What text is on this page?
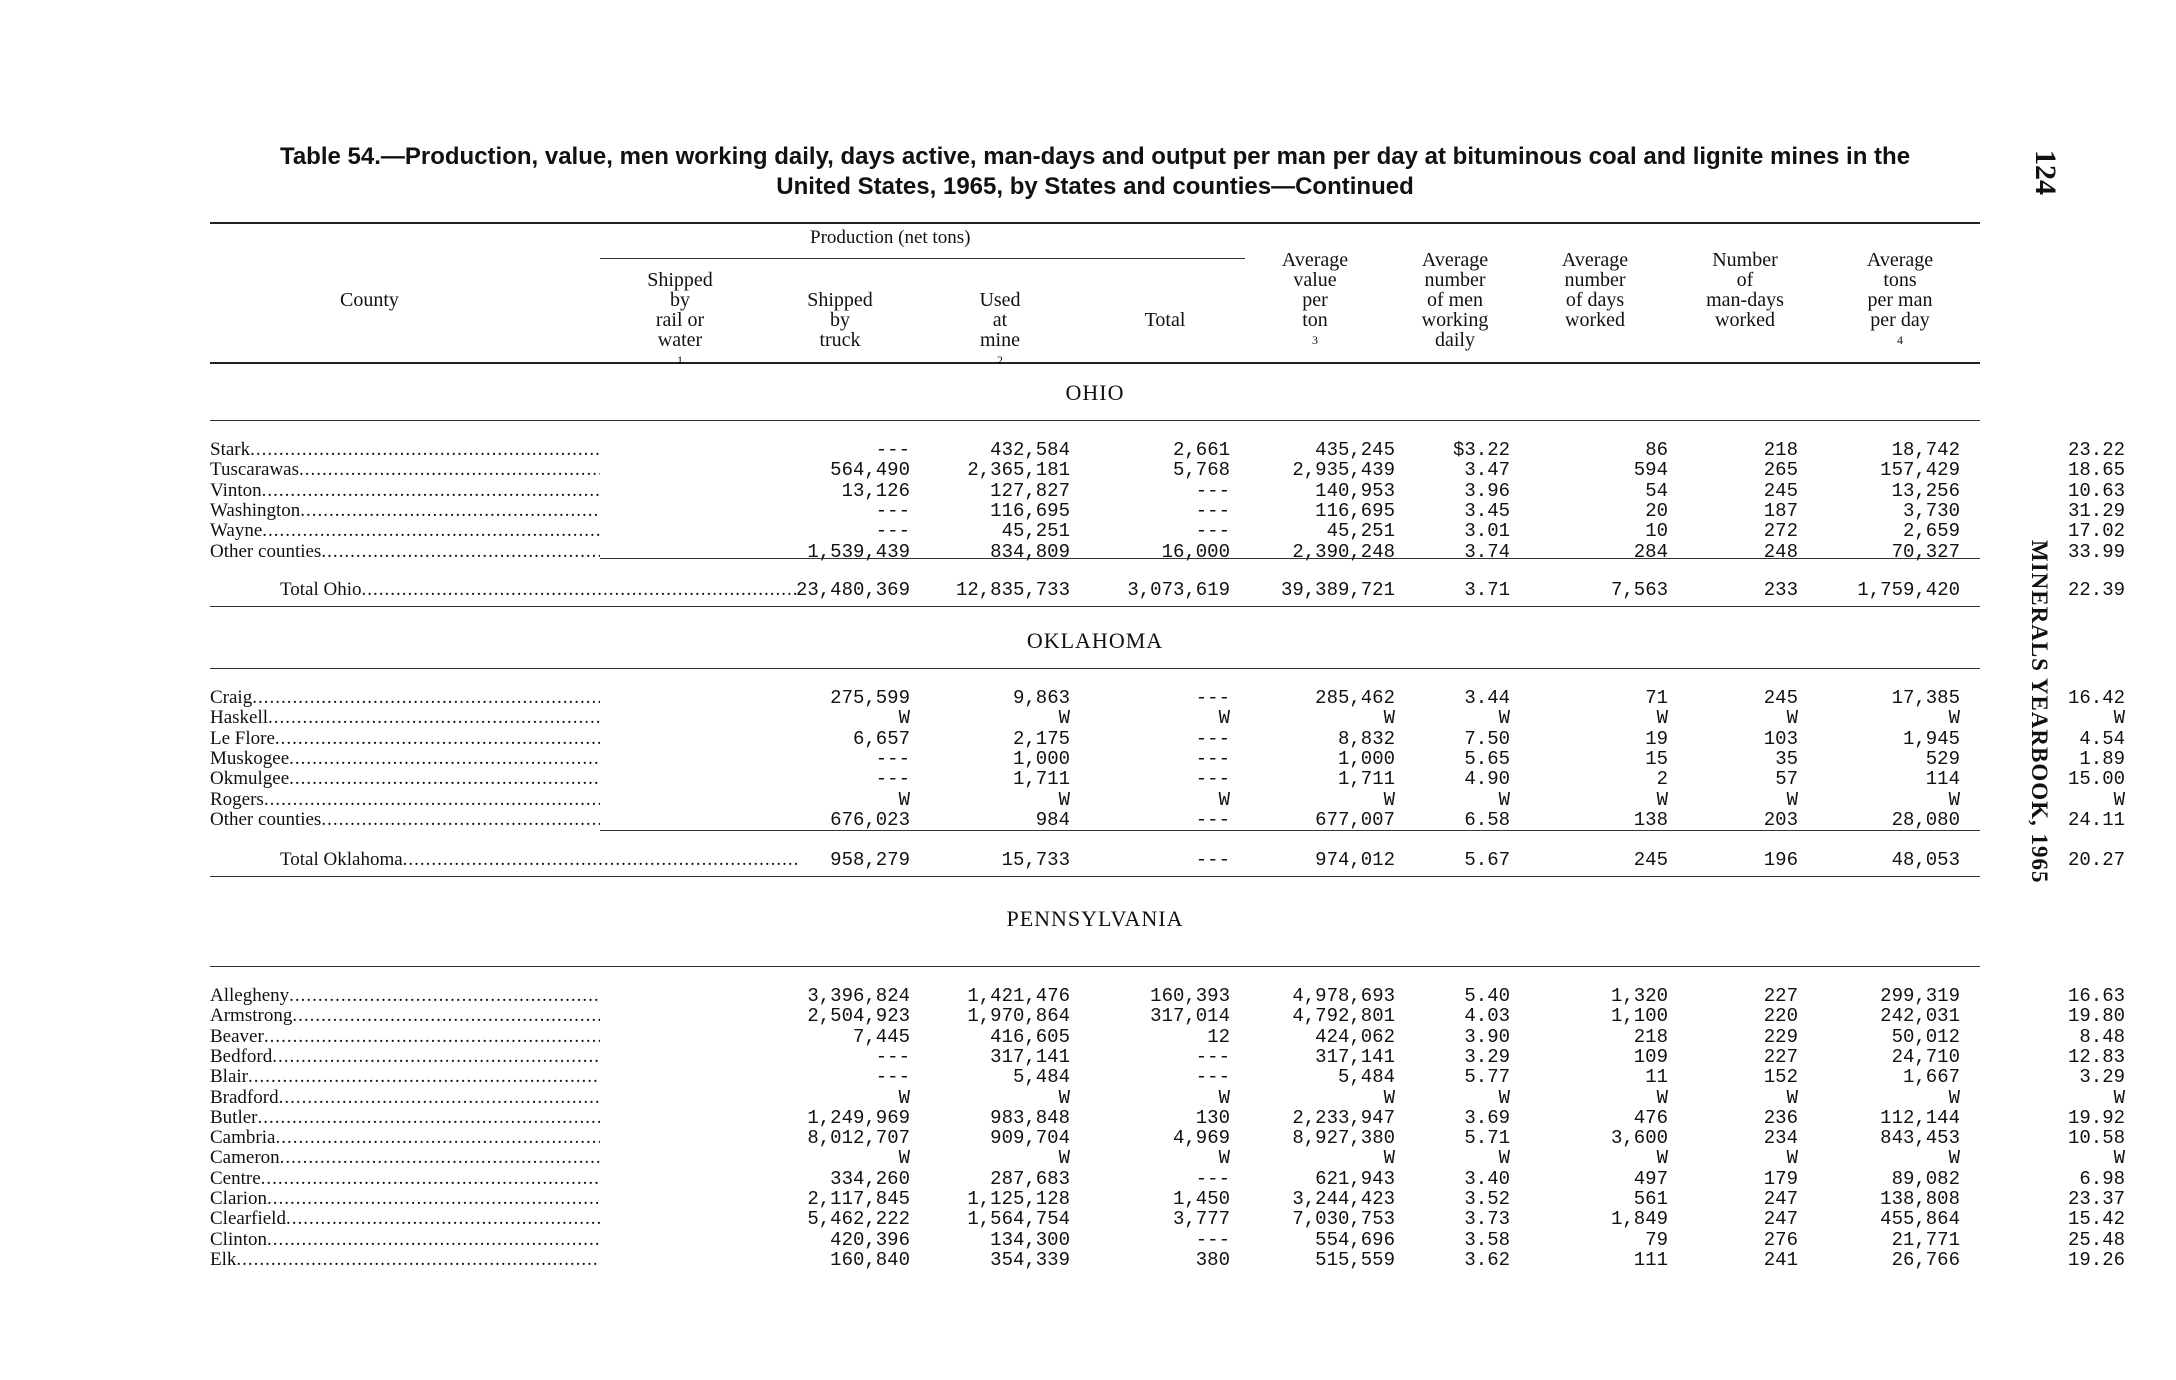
Table 54.—Production, value, men working daily, days active, man-days and output per man per day at bituminous coal and lignite mines in the
United States, 1965, by States and counties—Continued	124
MINERALS YEARBOOK, 1965
County
Production (net tons)
Shipped
by
rail or
water
$^1$
Shipped
by
truck
Used
at
mine
$^2$
Total
Average
value
per
ton
$^3$
Average
number
of men
working
daily
Average
number
of days
worked
Number
of
man-days
worked
Average
tons
per man
per day
$^4$
OHIO
Stark .....	---	432,584	2,661	435,245	$3.22	86	218	18,742	23.22
Tuscarawas .....	564,490	2,365,181	5,768	2,935,439	3.47	594	265	157,429	18.65
Vinton .....	13,126	127,827	---	140,953	3.96	54	245	13,256	10.63
Washington .....	---	116,695	---	116,695	3.45	20	187	3,730	31.29
Wayne .....	---	45,251	---	45,251	3.01	10	272	2,659	17.02
Other counties .....	1,539,439	834,809	16,000	2,390,248	3.74	284	248	70,327	33.99
Total Ohio .....	23,480,369 12,835,733	3,073,619	39,389,721	3.71	7,563	233	1,759,420	22.39
OKLAHOMA
Craig .....	275,599	9,863	---	285,462	3.44	71	245	17,385	16.42
Haskell .....	W	W	W	W	W	W	W	W	W
Le Flore .....	6,657	2,175	---	8,832	7.50	19	103	1,945	4.54
Muskogee .....	---	1,000	---	1,000	5.65	15	35	529	1.89
Okmulgee .....	---	1,711	---	1,711	4.90	2	57	114	15.00
Rogers .....	W	W	W	W	W	W	W	W	W
Other counties .....	676,023	984	---	677,007	6.58	138	203	28,080	24.11
Total Oklahoma .....	958,279	15,733	---	974,012	5.67	245	196	48,053	20.27
PENNSYLVANIA
Allegheny .....	3,396,824	1,421,476	160,393	4,978,693	5.40	1,320	227	299,319	16.63
Armstrong .....	2,504,923	1,970,864	317,014	4,792,801	4.03	1,100	220	242,031	19.80
Beaver .....	7,445	416,605	12	424,062	3.90	218	229	50,012	8.48
Bedford .....	---	317,141	---	317,141	3.29	109	227	24,710	12.83
Blair .....	---	5,484	---	5,484	5.77	11	152	1,667	3.29
Bradford .....	W	W	W	W	W	W	W	W	W
Butler .....	1,249,969	983,848	130	2,233,947	3.69	476	236	112,144	19.92
Cambria .....	8,012,707	909,704	4,969	8,927,380	5.71	3,600	234	843,453	10.58
Cameron .....	W	W	W	W	W	W	W	W	W
Centre .....	334,260	287,683	---	621,943	3.40	497	179	89,082	6.98
Clarion .....	2,117,845	1,125,128	1,450	3,244,423	3.52	561	247	138,808	23.37
Clearfield .....	5,462,222	1,564,754	3,777	7,030,753	3.73	1,849	247	455,864	15.42
Clinton .....	420,396	134,300	---	554,696	3.58	79	276	21,771	25.48
Elk .....	160,840	354,339	380	515,559	3.62	111	241	26,766	19.26
